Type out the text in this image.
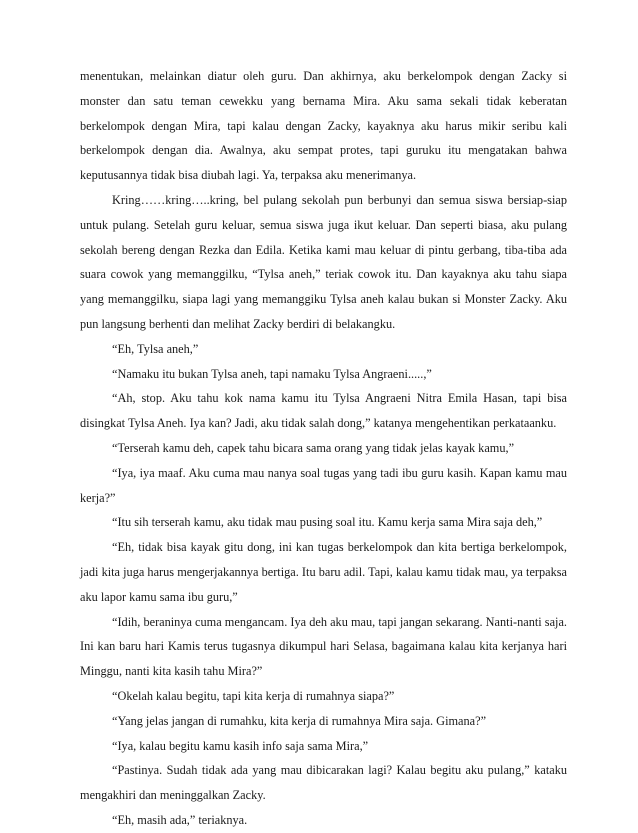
menentukan, melainkan diatur oleh guru. Dan akhirnya, aku berkelompok dengan Zacky si monster dan satu teman cewekku yang bernama Mira. Aku sama sekali tidak keberatan berkelompok dengan Mira, tapi kalau dengan Zacky, kayaknya aku harus mikir seribu kali berkelompok dengan dia. Awalnya, aku sempat protes, tapi guruku itu mengatakan bahwa keputusannya tidak bisa diubah lagi. Ya, terpaksa aku menerimanya.

Kring……kring…..kring, bel pulang sekolah pun berbunyi dan semua siswa bersiap-siap untuk pulang. Setelah guru keluar, semua siswa juga ikut keluar. Dan seperti biasa, aku pulang sekolah bereng dengan Rezka dan Edila. Ketika kami mau keluar di pintu gerbang, tiba-tiba ada suara cowok yang memanggilku, “Tylsa aneh,” teriak cowok itu. Dan kayaknya aku tahu siapa yang memanggilku, siapa lagi yang memanggiku Tylsa aneh kalau bukan si Monster Zacky. Aku pun langsung berhenti dan melihat Zacky berdiri di belakangku.

“Eh, Tylsa aneh,”

“Namaku itu bukan Tylsa aneh, tapi namaku Tylsa Angraeni.....,”

“Ah, stop. Aku tahu kok nama kamu itu Tylsa Angraeni Nitra Emila Hasan, tapi bisa disingkat Tylsa Aneh. Iya kan? Jadi, aku tidak salah dong,” katanya mengehentikan perkataanku.

“Terserah kamu deh, capek tahu bicara sama orang yang tidak jelas kayak kamu,”

“Iya, iya maaf. Aku cuma mau nanya soal tugas yang tadi ibu guru kasih. Kapan kamu mau kerja?”

“Itu sih terserah kamu, aku tidak mau pusing soal itu. Kamu kerja sama Mira saja deh,”

“Eh, tidak bisa kayak gitu dong, ini kan tugas berkelompok dan kita bertiga berkelompok, jadi kita juga harus mengerjakannya bertiga. Itu baru adil. Tapi, kalau kamu tidak mau, ya terpaksa aku lapor kamu sama ibu guru,”

“Idih, beraninya cuma mengancam. Iya deh aku mau, tapi jangan sekarang. Nanti-nanti saja. Ini kan baru hari Kamis terus tugasnya dikumpul hari Selasa, bagaimana kalau kita kerjanya hari Minggu, nanti kita kasih tahu Mira?”

“Okelah kalau begitu, tapi kita kerja di rumahnya siapa?”

“Yang jelas jangan di rumahku, kita kerja di rumahnya Mira saja. Gimana?”

“Iya, kalau begitu kamu kasih info saja sama Mira,”

“Pastinya. Sudah tidak ada yang mau dibicarakan lagi? Kalau begitu aku pulang,” kataku mengakhiri dan meninggalkan Zacky.

“Eh, masih ada,” teriaknya.
